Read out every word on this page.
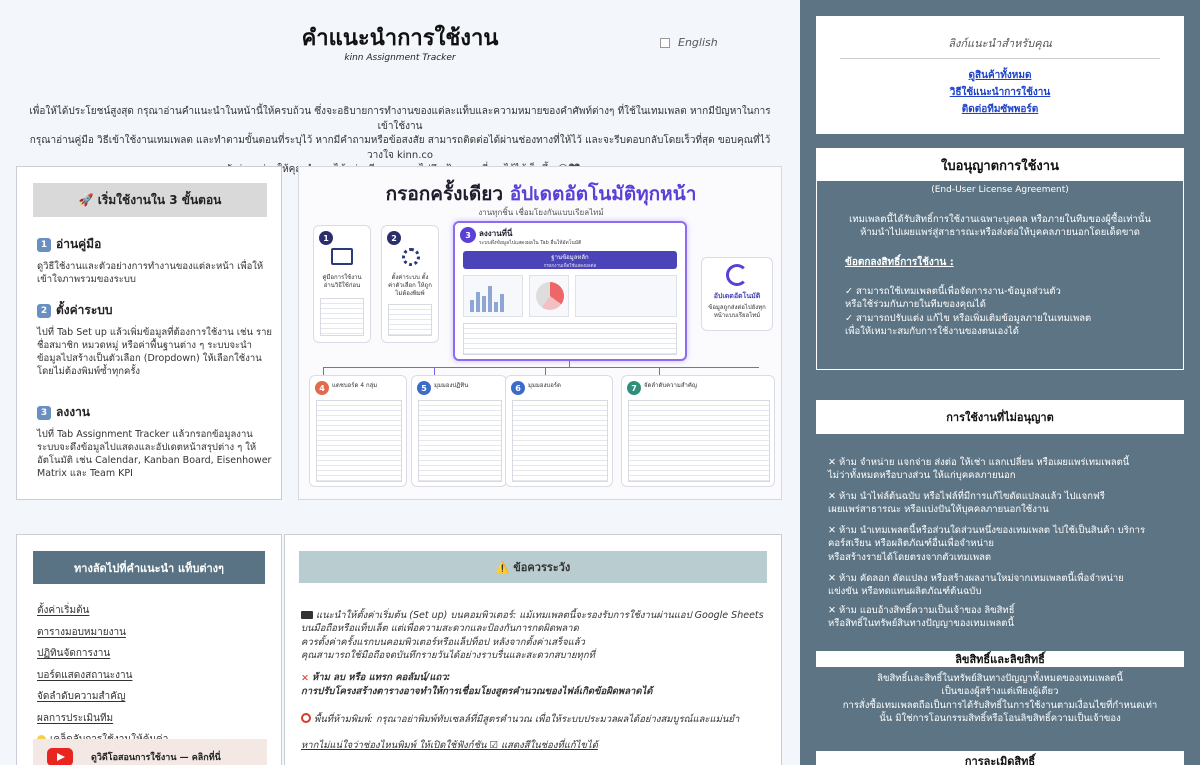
คำแนะนำการใช้งาน
kinn Assignment Tracker
English
เพื่อให้ได้ประโยชน์สูงสุด กรุณาอ่านคำแนะนำในหน้านี้ให้ครบถ้วน ซึ่งจะอธิบายการทำงานของแต่ละแท็บและความหมายของคำศัพท์ต่างๆ ที่ใช้ในเทมเพลต หากมีปัญหาในการเข้าใช้งาน
กรุณาอ่านคู่มือ วิธีเข้าใช้งานเทมเพลต และทำตามขั้นตอนที่ระบุไว้ หากมีคำถามหรือข้อสงสัย สามารถติดต่อได้ผ่านช่องทางที่ให้ไว้ และจะรีบตอบกลับโดยเร็วที่สุด ขอบคุณที่ไว้วางใจ kinn.co
🚀 เริ่มใช้งานใน 3 ขั้นตอน
1 อ่านคู่มือ
ดูวิธีใช้งานและตัวอย่างการทำงานของแต่ละหน้า เพื่อให้เข้าใจภาพรวมของระบบ
2 ตั้งค่าระบบ
ไปที่ Tab Set up แล้วเพิ่มข้อมูลที่ต้องการใช้งาน เช่น รายชื่อสมาชิก หมวดหมู่ หรือค่าพื้นฐานต่าง ๆ ระบบจะนำข้อมูลไปสร้างเป็นตัวเลือก (Dropdown) ให้เลือกใช้งาน โดยไม่ต้องพิมพ์ซ้ำทุกครั้ง
3 ลงงาน
ไปที่ Tab Assignment Tracker แล้วกรอกข้อมูลงาน ระบบจะดึงข้อมูลไปแสดงและอัปเดตหน้าสรุปต่าง ๆ ให้อัตโนมัติ เช่น Calendar, Kanban Board, Eisenhower Matrix และ Team KPI
กรอกครั้งเดียว อัปเดตอัตโนมัติทุกหน้า
งานทุกชิ้น เชื่อมโยงกันแบบเรียลไทม์
1
คู่มือการใช้งาน อ่านวิธีใช้ก่อน
2
ตั้งค่าระบบ ตั้งค่าตัวเลือก ให้ถูกไม่ต้องพิมพ์
3	ลงงานที่นี่
ระบบดึงข้อมูลไปแสดงผลใน Tab อื่นให้อัตโนมัติ
ฐานข้อมูลหลัก
กรอกงานเพื่อใช้แสดงผลต่อ
อัปเดตอัตโนมัติ
ข้อมูลถูกส่งต่อไปยังทุกหน้าแบบเรียลไทม์
4	แดชบอร์ด 4 กลุ่ม	5	มุมมองปฏิทิน	6	มุมมองบอร์ด	7	จัดลำดับความสำคัญ
ทางลัดไปที่คำแนะนำ แท็บต่างๆ
ตั้งค่าเริ่มต้น
ตารางมอบหมายงาน
ปฏิทินจัดการงาน
บอร์ดแสดงสถานะงาน
จัดลำดับความสำคัญ
ผลการประเมินทีม
ดูวิดีโอสอนการใช้งาน — คลิกที่นี่
⚠️ ข้อควรระวัง
แนะนำให้ตั้งค่าเริ่มต้น (Set up) บนคอมพิวเตอร์: แม้เทมเพลตนี้จะรองรับการใช้งานผ่านแอป Google Sheets
บนมือถือหรือแท็บเล็ต แต่เพื่อความสะดวกและป้องกันการกดผิดพลาด
ควรตั้งค่าครั้งแรกบนคอมพิวเตอร์หรือแล็ปท็อป หลังจากตั้งค่าเสร็จแล้ว
คุณสามารถใช้มือถือจดบันทึกรายวันได้อย่างราบรื่นและสะดวกสบายทุกที่
✕ ห้าม ลบ หรือ แทรก คอลัมน์/แถว:
การปรับโครงสร้างตารางอาจทำให้การเชื่อมโยงสูตรคำนวณของไฟล์เกิดข้อผิดพลาดได้
พื้นที่ห้ามพิมพ์: กรุณาอย่าพิมพ์ทับเซลล์ที่มีสูตรคำนวณ เพื่อให้ระบบประมวลผลได้อย่างสมบูรณ์และแม่นยำ
หากไม่แน่ใจว่าช่องไหนพิมพ์ ให้เปิดใช้ฟังก์ชัน ☑ แสดงสีในช่องที่แก้ไขได้
ลิงก์แนะนำสำหรับคุณ
ดูสินค้าทั้งหมด
วิธีใช้แนะนำการใช้งาน
ติดต่อทีมซัพพอร์ต
ใบอนุญาตการใช้งาน
(End-User License Agreement)
เทมเพลตนี้ได้รับสิทธิ์การใช้งานเฉพาะบุคคล หรือภายในทีมของผู้ซื้อเท่านั้น
ห้ามนำไปเผยแพร่สู่สาธารณะหรือส่งต่อให้บุคคลภายนอกโดยเด็ดขาด
ข้อตกลงสิทธิ์การใช้งาน :
✓ สามารถใช้เทมเพลตนี้เพื่อจัดการงาน-ข้อมูลส่วนตัว
หรือใช้ร่วมกันภายในทีมของคุณได้
✓ สามารถปรับแต่ง แก้ไข หรือเพิ่มเติมข้อมูลภายในเทมเพลต
เพื่อให้เหมาะสมกับการใช้งานของตนเองได้
การใช้งานที่ไม่อนุญาต
✕ ห้าม จำหน่าย แจกจ่าย ส่งต่อ ให้เช่า แลกเปลี่ยน หรือเผยแพร่เทมเพลตนี้
ไม่ว่าทั้งหมดหรือบางส่วน ให้แก่บุคคลภายนอก
✕ ห้าม นำไฟล์ต้นฉบับ หรือไฟล์ที่มีการแก้ไขดัดแปลงแล้ว ไปแจกฟรี
เผยแพร่สาธารณะ หรือแบ่งปันให้บุคคลภายนอกใช้งาน
✕ ห้าม นำเทมเพลตนี้หรือส่วนใดส่วนหนึ่งของเทมเพลต ไปใช้เป็นสินค้า บริการ
คอร์สเรียน หรือผลิตภัณฑ์อื่นเพื่อจำหน่าย
หรือสร้างรายได้โดยตรงจากตัวเทมเพลต
✕ ห้าม คัดลอก ดัดแปลง หรือสร้างผลงานใหม่จากเทมเพลตนี้เพื่อจำหน่าย
แข่งขัน หรือทดแทนผลิตภัณฑ์ต้นฉบับ
✕ ห้าม แอบอ้างสิทธิ์ความเป็นเจ้าของ ลิขสิทธิ์
หรือสิทธิ์ในทรัพย์สินทางปัญญาของเทมเพลตนี้
ลิขสิทธิ์และลิขสิทธิ์
ลิขสิทธิ์และสิทธิ์ในทรัพย์สินทางปัญญาทั้งหมดของเทมเพลตนี้
เป็นของผู้สร้างแต่เพียงผู้เดียว
การสั่งซื้อเทมเพลตถือเป็นการได้รับสิทธิ์ในการใช้งานตามเงื่อนไขที่กำหนดเท่า
นั้น มิใช่การโอนกรรมสิทธิ์หรือโอนลิขสิทธิ์ความเป็นเจ้าของ
การละเมิดสิทธิ์
